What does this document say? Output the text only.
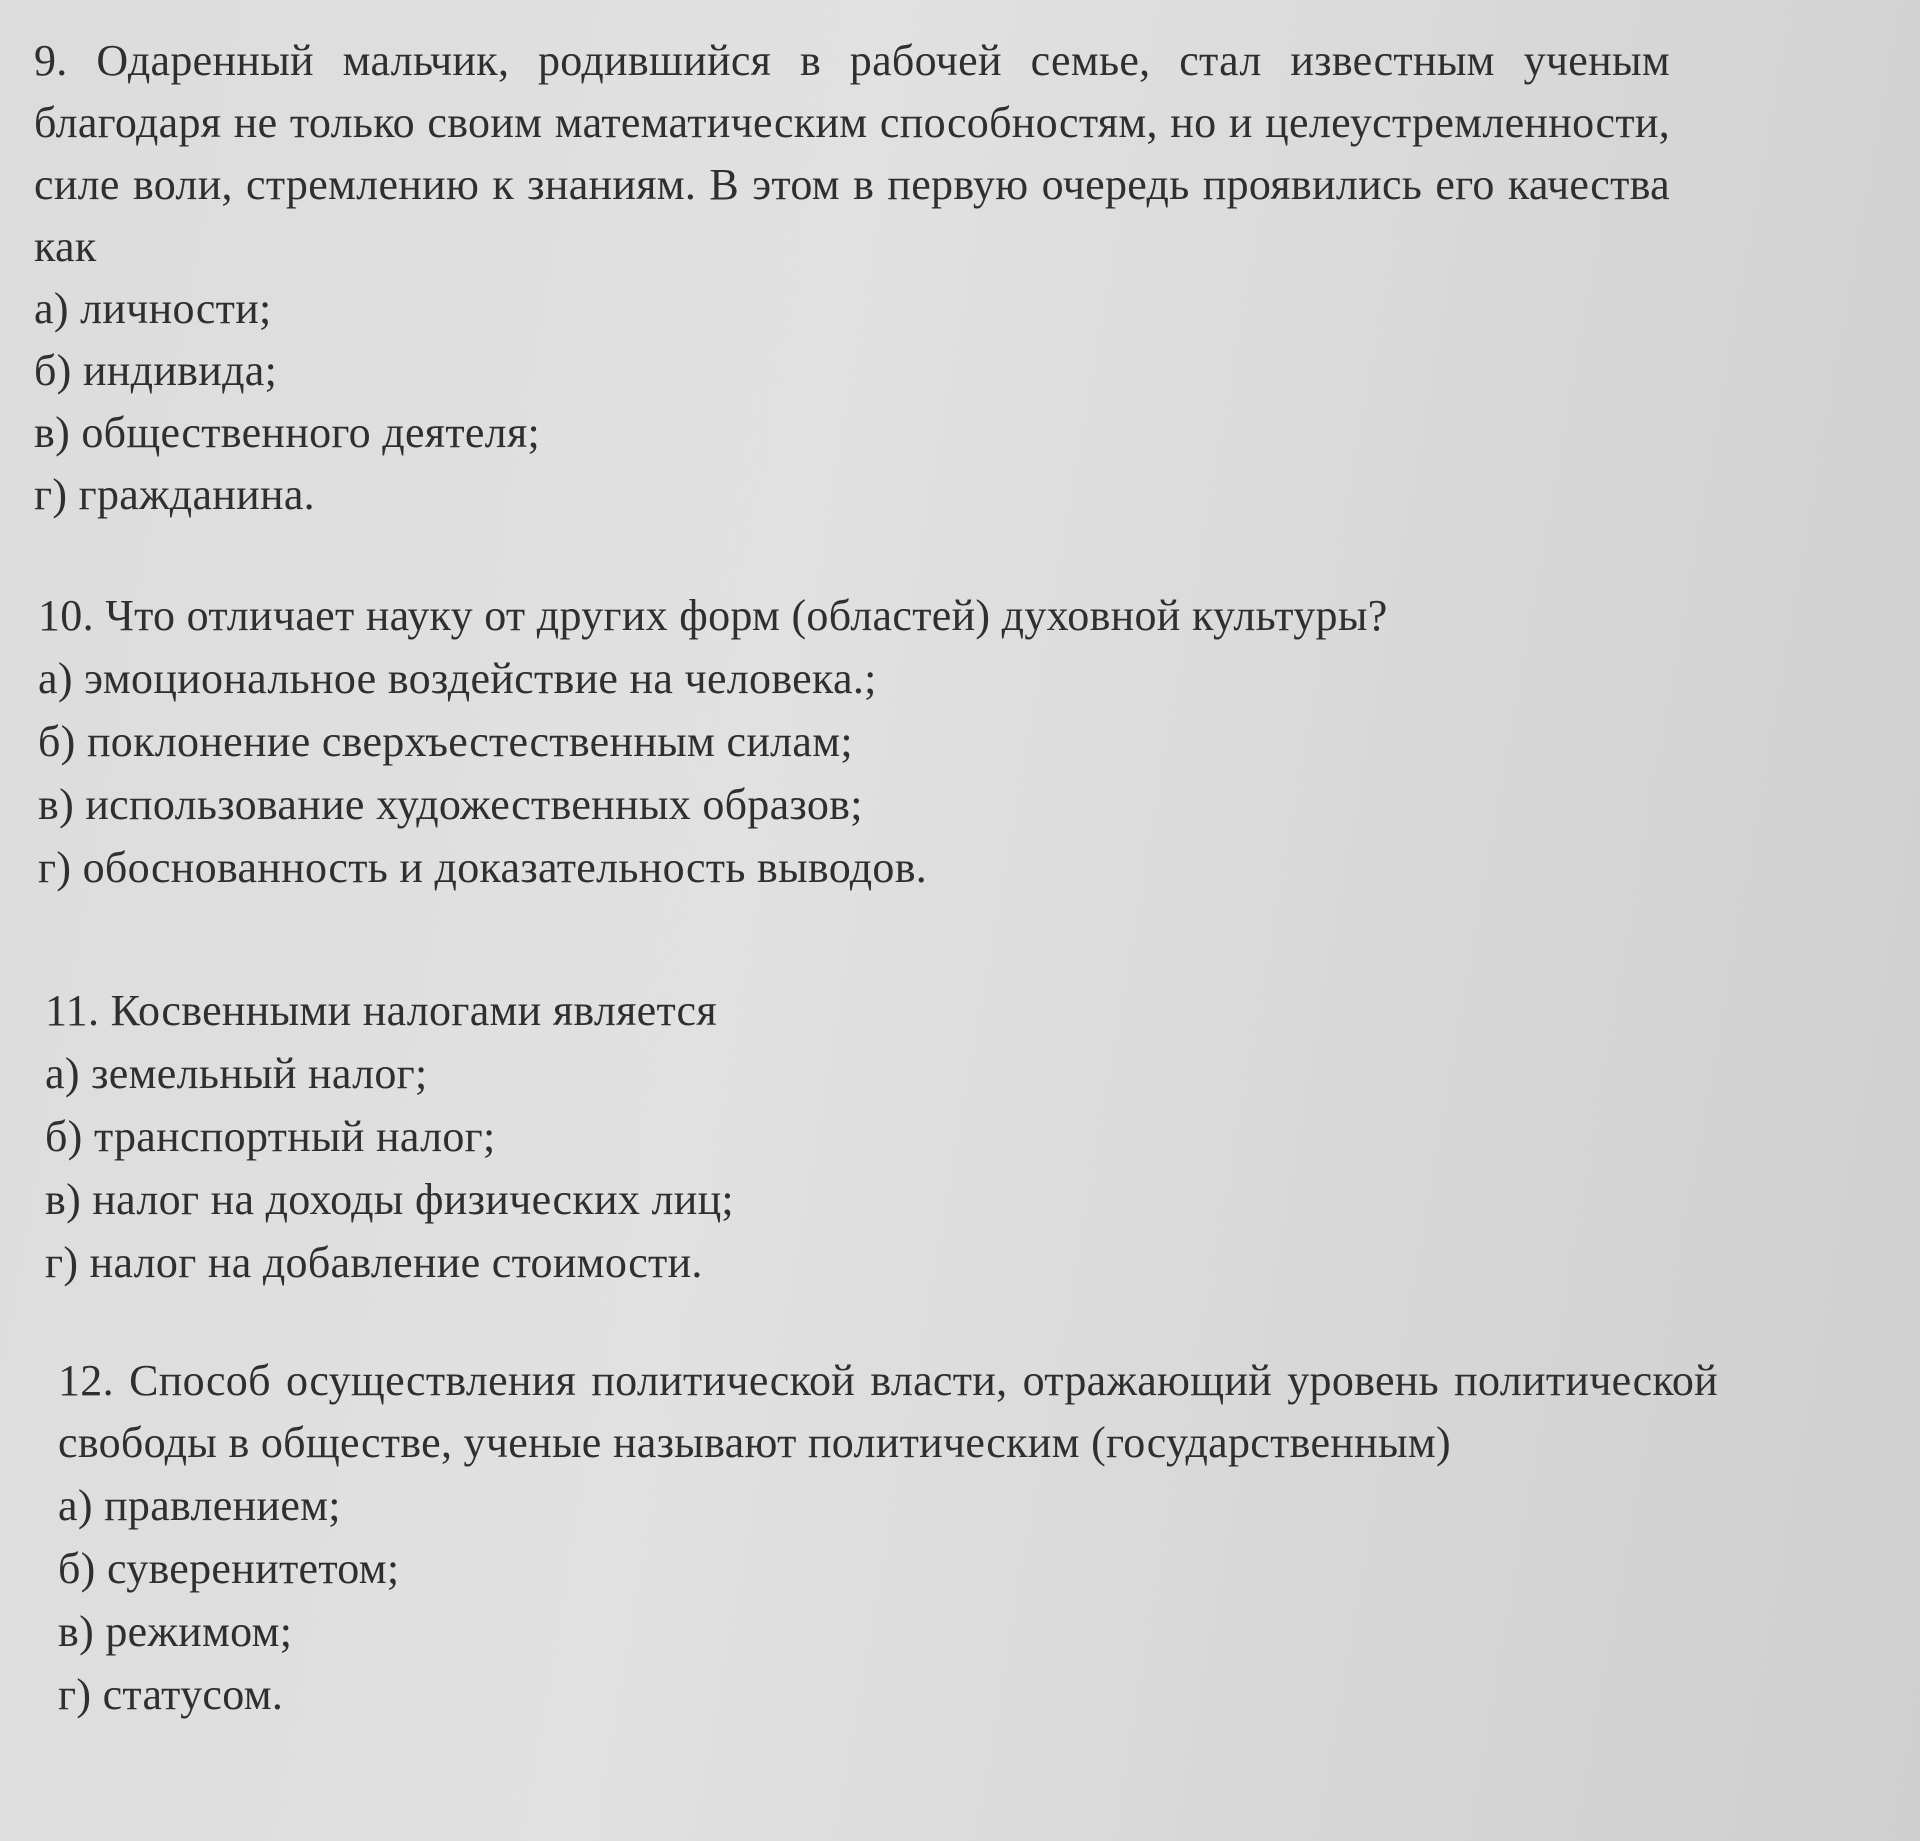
9. Одаренный мальчик, родившийся в рабочей семье, стал известным ученым благодаря не только своим математическим способностям, но и целеустремленности, силе воли, стремлению к знаниям. В этом в первую очередь проявились его качества как

а) личности;
б) индивида;
в) общественного деятеля;
г) гражданина.

10. Что отличает науку от других форм (областей) духовной культуры?

а) эмоциональное воздействие на человека.;
б) поклонение сверхъестественным силам;
в) использование художественных образов;
г) обоснованность и доказательность выводов.

11. Косвенными налогами является

а) земельный налог;
б) транспортный налог;
в) налог на доходы физических лиц;
г) налог на добавление стоимости.

12. Способ осуществления политической власти, отражающий уровень политической свободы в обществе, ученые называют политическим (государственным)

а) правлением;
б) суверенитетом;
в) режимом;
г) статусом.
